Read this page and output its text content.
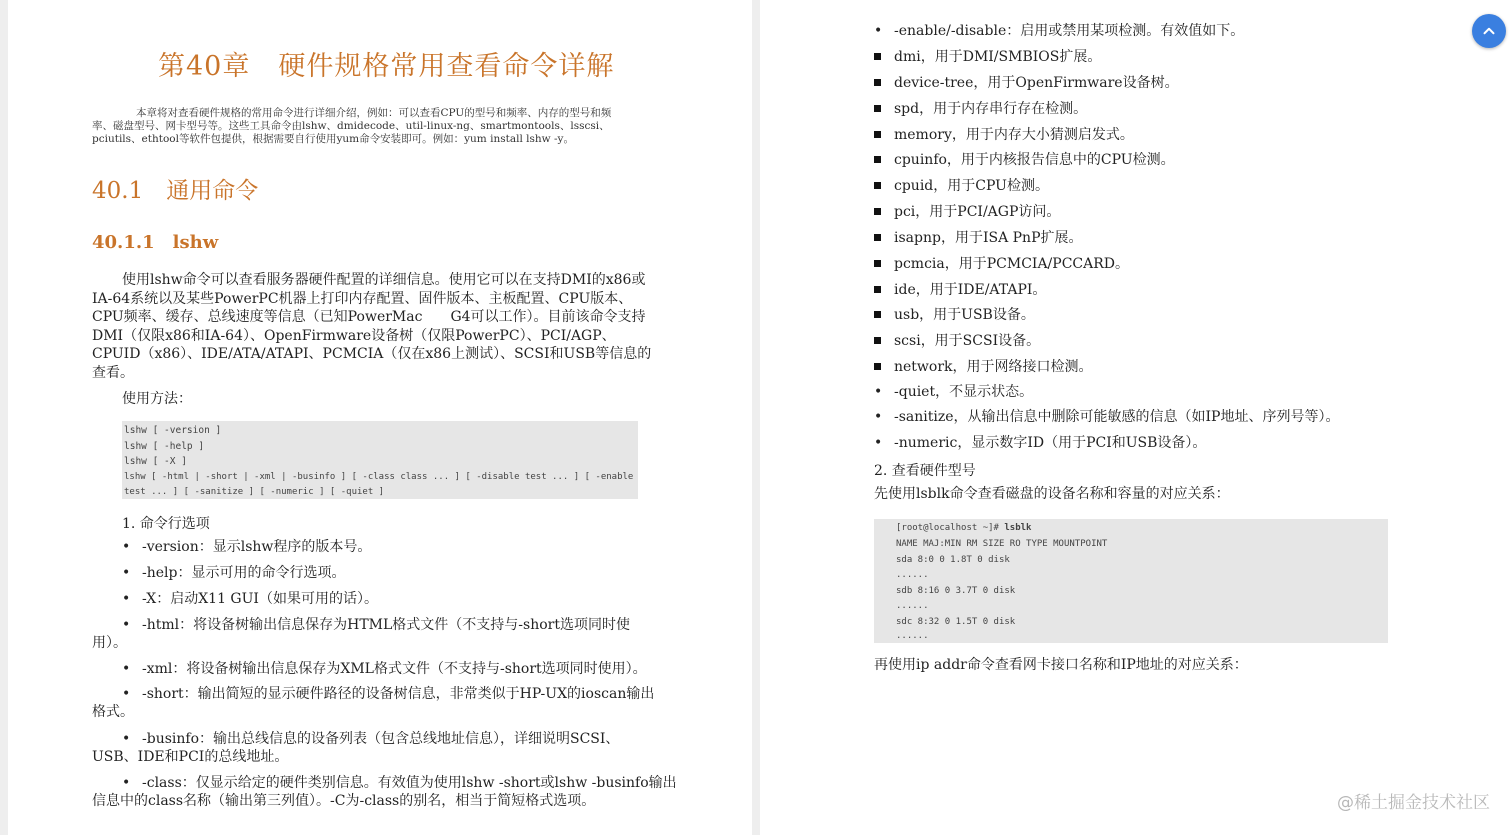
第40章　硬件规格常用查看命令详解

本章将对查看硬件规格的常用命令进行详细介绍，例如：可以查看CPU的型号和频率、内存的型号和频

率、磁盘型号、网卡型号等。这些工具命令由lshw、dmidecode、util-linux-ng、smartmontools、lsscsi、

pciutils、ethtool等软件包提供，根据需要自行使用yum命令安装即可。例如：yum install lshw -y。

40.1　通用命令
40.1.1　lshw
使用lshw命令可以查看服务器硬件配置的详细信息。使用它可以在支持DMI的x86或
IA-64系统以及某些PowerPC机器上打印内存配置、固件版本、主板配置、CPU版本、
CPU频率、缓存、总线速度等信息（已知PowerMac　　G4可以工作）。目前该命令支持
DMI（仅限x86和IA-64）、OpenFirmware设备树（仅限PowerPC）、PCI/AGP、
CPUID（x86）、IDE/ATA/ATAPI、PCMCIA（仅在x86上测试）、SCSI和USB等信息的
查看。
使用方法：
lshw [ -version ]
lshw [ -help ]
lshw [ -X ]
lshw [ -html | -short | -xml | -businfo ] [ -class class ... ] [ -disable test ... ] [ -enable
test ... ] [ -sanitize ] [ -numeric ] [ -quiet ]
1. 命令行选项
• -version：显示lshw程序的版本号。
• -help：显示可用的命令行选项。
• -X：启动X11 GUI（如果可用的话）。
• -html：将设备树输出信息保存为HTML格式文件（不支持与-short选项同时使
用）。
• -xml：将设备树输出信息保存为XML格式文件（不支持与-short选项同时使用）。
• -short：输出简短的显示硬件路径的设备树信息，非常类似于HP-UX的ioscan输出
格式。
• -businfo：输出总线信息的设备列表（包含总线地址信息），详细说明SCSI、
USB、IDE和PCI的总线地址。
• -class：仅显示给定的硬件类别信息。有效值为使用lshw -short或lshw -businfo输出
信息中的class名称（输出第三列值）。-C为-class的别名，相当于简短格式选项。
• -enable/-disable：启用或禁用某项检测。有效值如下。
dmi，用于DMI/SMBIOS扩展。
device-tree，用于OpenFirmware设备树。
spd，用于内存串行存在检测。
memory，用于内存大小猜测启发式。
cpuinfo，用于内核报告信息中的CPU检测。
cpuid，用于CPU检测。
pci，用于PCI/AGP访问。
isapnp，用于ISA PnP扩展。
pcmcia，用于PCMCIA/PCCARD。
ide，用于IDE/ATAPI。
usb，用于USB设备。
scsi，用于SCSI设备。
network，用于网络接口检测。
• -quiet，不显示状态。
• -sanitize，从输出信息中删除可能敏感的信息（如IP地址、序列号等）。
• -numeric，显示数字ID（用于PCI和USB设备）。
2. 查看硬件型号
先使用lsblk命令查看磁盘的设备名称和容量的对应关系：
[root@localhost ~]# lsblk
NAME MAJ:MIN RM SIZE RO TYPE MOUNTPOINT
sda 8:0 0 1.8T 0 disk
......
sdb 8:16 0 3.7T 0 disk
......
sdc 8:32 0 1.5T 0 disk
......
再使用ip addr命令查看网卡接口名称和IP地址的对应关系：
@稀土掘金技术社区
